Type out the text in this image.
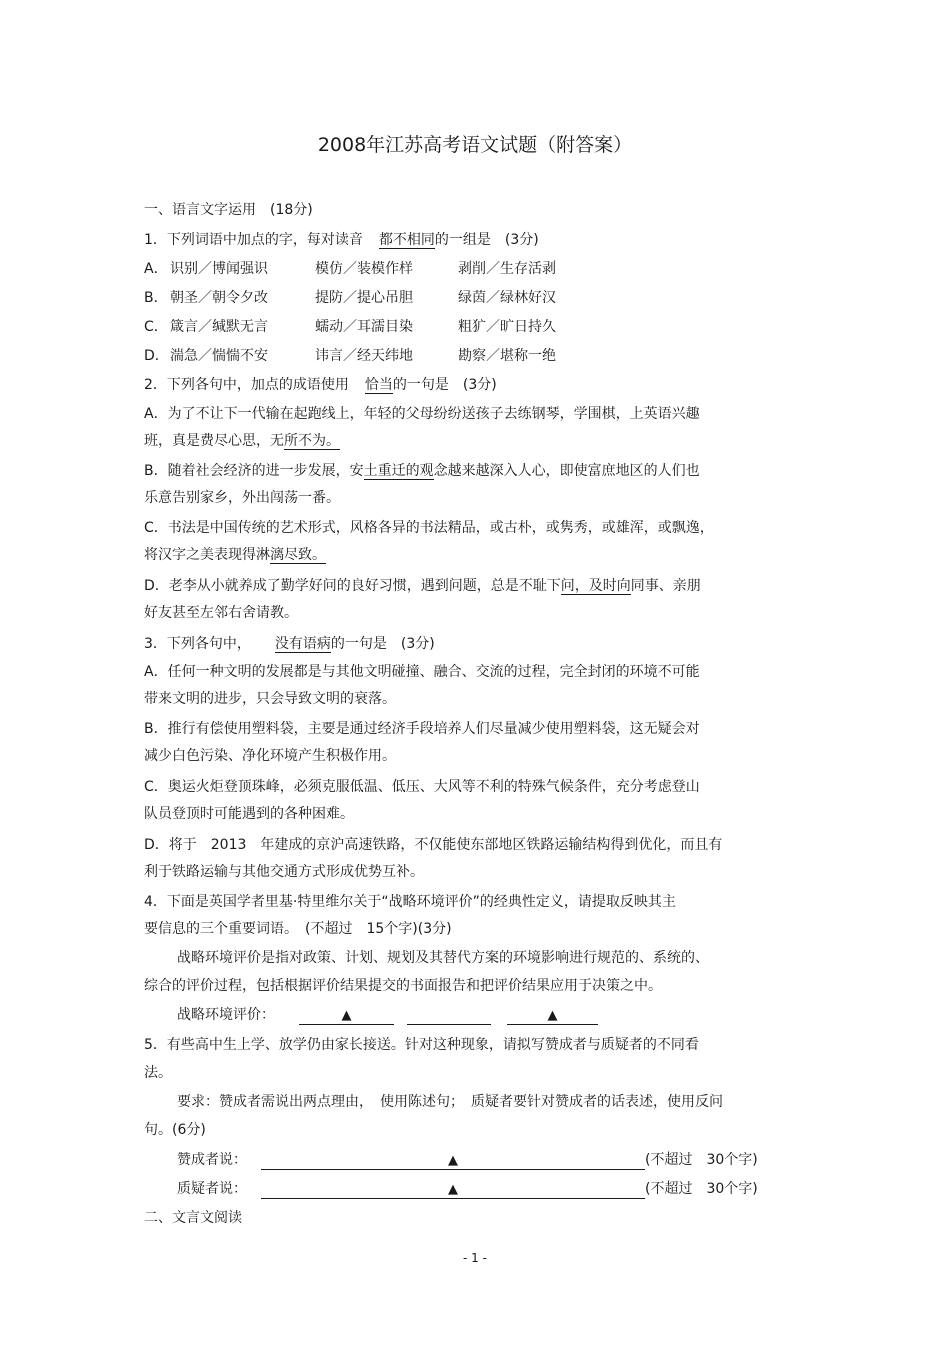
2008年江苏高考语文试题（附答案）
一、语言文字运用　(18分)
1．下列词语中加点的字，每对读音 都不相同的一组是　(3分)
A． 识别／博闻强识	模仿／装模作样	剥削／生存活剥
B． 朝圣／朝令夕改	提防／提心吊胆	绿茵／绿林好汉
C． 箴言／缄默无言	蠕动／耳濡目染	粗犷／旷日持久
D． 湍急／惴惴不安	讳言／经天纬地	勘察／堪称一绝
2．下列各句中，加点的成语使用 恰当的一句是　(3分)
A．为了不让下一代输在起跑线上，年轻的父母纷纷送孩子去练钢琴，学围棋，上英语兴趣
班，真是费尽心思，无所不为。
B．随着社会经济的进一步发展，安土重迁的观念越来越深入人心，即使富庶地区的人们也
乐意告别家乡，外出闯荡一番。
C．书法是中国传统的艺术形式，风格各异的书法精品，或古朴，或隽秀，或雄浑，或飘逸，
将汉字之美表现得淋漓尽致。
D．老李从小就养成了勤学好问的良好习惯，遇到问题，总是不耻下问，及时向同事、亲朋
好友甚至左邻右舍请教。
3．下列各句中， 没有语病的一句是　(3分)
A．任何一种文明的发展都是与其他文明碰撞、融合、交流的过程，完全封闭的环境不可能
带来文明的进步，只会导致文明的衰落。
B．推行有偿使用塑料袋，主要是通过经济手段培养人们尽量减少使用塑料袋，这无疑会对
减少白色污染、净化环境产生积极作用。
C．奥运火炬登顶珠峰，必须克服低温、低压、大风等不利的特殊气候条件，充分考虑登山
队员登顶时可能遇到的各种困难。
D．将于　2013　年建成的京沪高速铁路，不仅能使东部地区铁路运输结构得到优化，而且有
利于铁路运输与其他交通方式形成优势互补。
4．下面是英国学者里基·特里维尔关于“战略环境评价”的经典性定义，请提取反映其主
要信息的三个重要词语。　(不超过　15个字)(3分)
战略环境评价是指对政策、计划、规划及其替代方案的环境影响进行规范的、系统的、
综合的评价过程，包括根据评价结果提交的书面报告和把评价结果应用于决策之中。
战略环境评价：	▲	▲
5．有些高中生上学、放学仍由家长接送。针对这种现象，请拟写赞成者与质疑者的不同看
法。
要求：赞成者需说出两点理由，　使用陈述句；　质疑者要针对赞成者的话表述，使用反问
句。(6分)
赞成者说：	▲	(不超过　30个字)
质疑者说：	▲	(不超过　30个字)
二、文言文阅读
- 1 -
